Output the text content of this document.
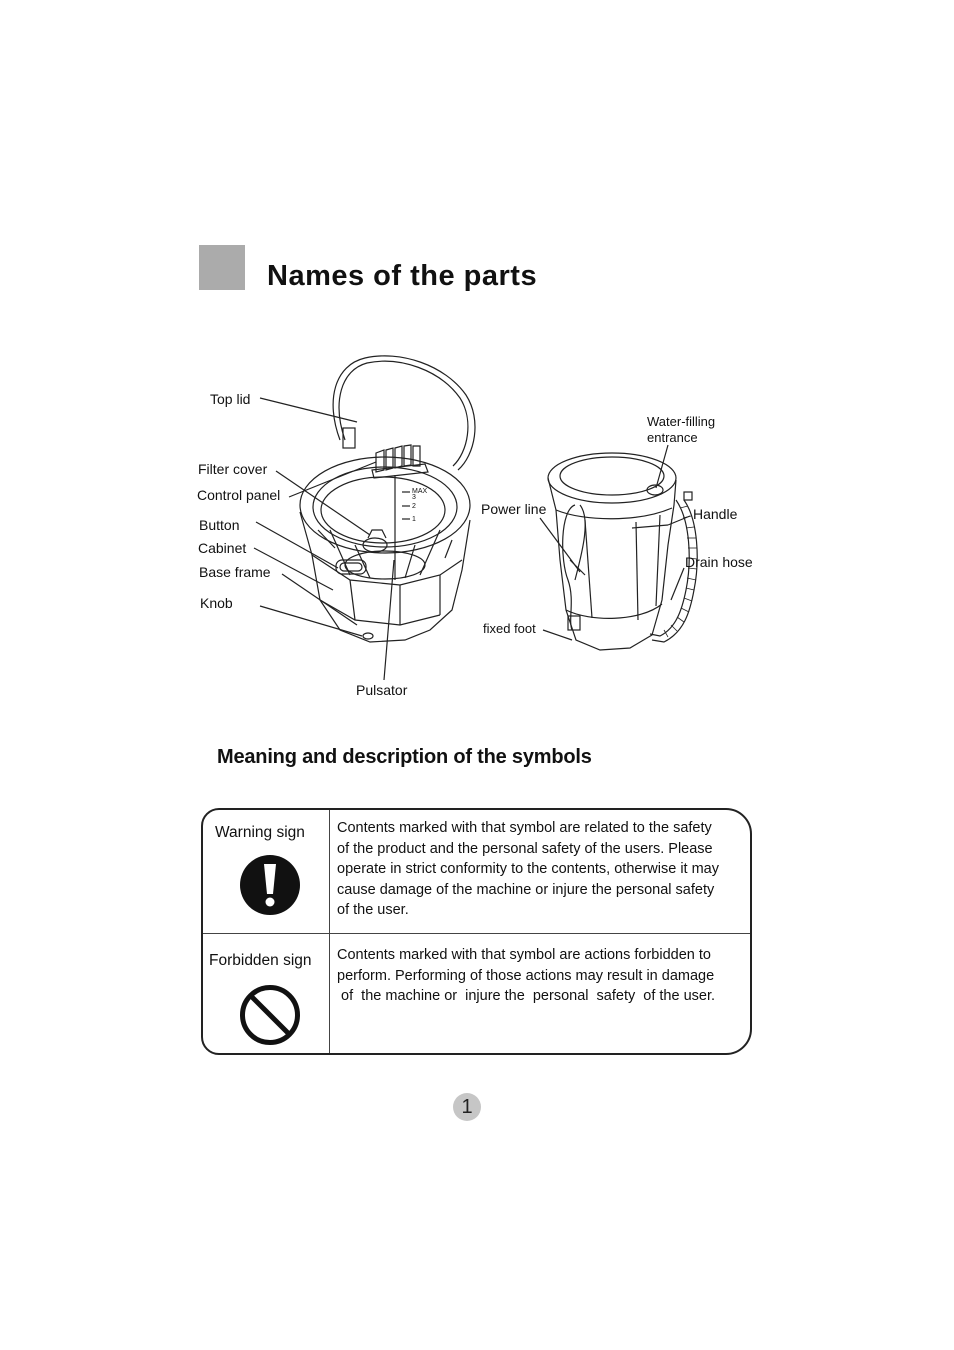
Names of the parts
Top lid
Filter cover
Control panel
Button
Cabinet
Base frame
Knob
Pulsator
MAX
3
2
1
Water-filling
entrance
Power line	Handle
Drain hose
fixed foot
Meaning and description of the symbols
Warning sign Contents marked with that symbol are related to the safety
of the product and the personal safety of the users. Please
operate in strict conformity to the contents, otherwise it may
cause damage of the machine or injure the personal safety
of the user.
Forbidden sign Contents marked with that symbol are actions forbidden to
perform. Performing of those actions may result in damage
of  the machine or  injure the  personal  safety  of the user.
1
